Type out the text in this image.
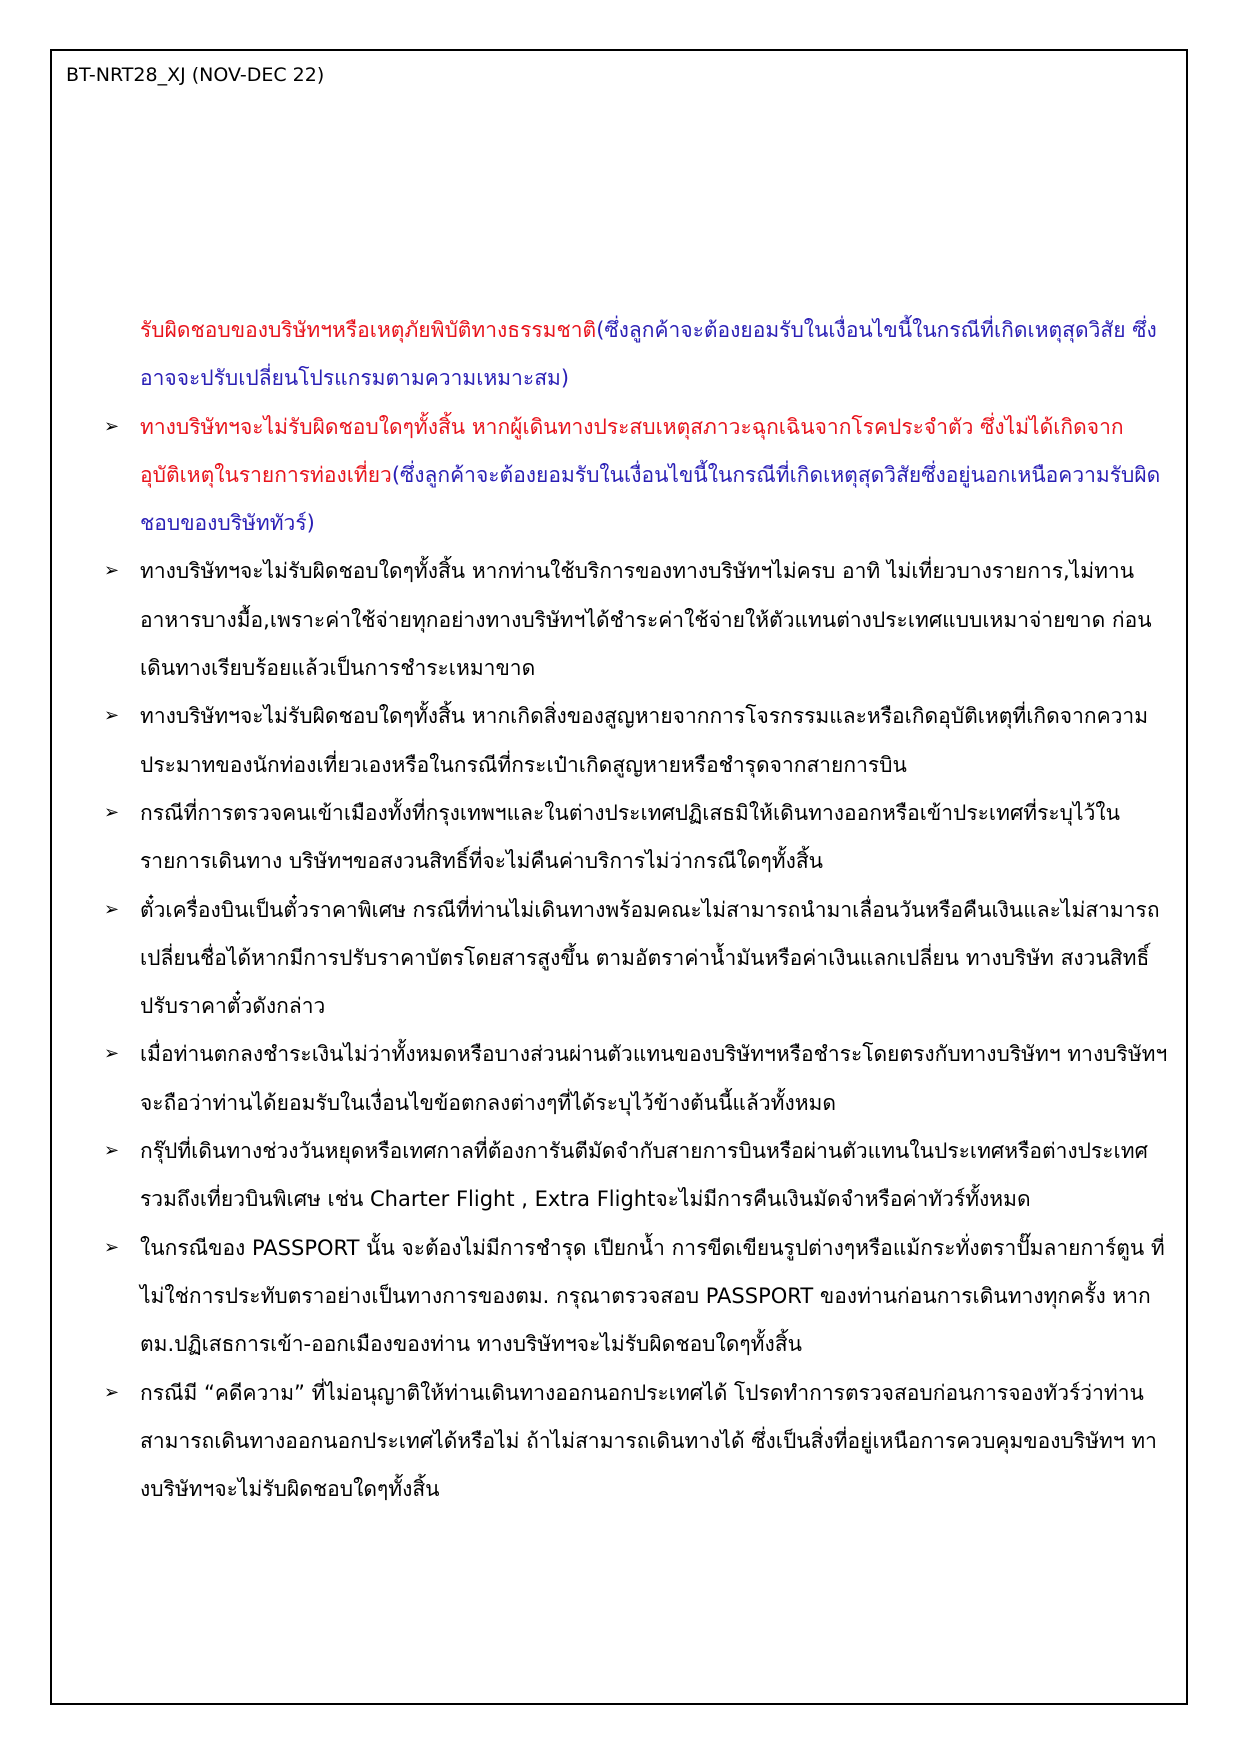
BT-NRT28_XJ (NOV-DEC 22)

รับผิดชอบของบริษัทฯหรือเหตุภัยพิบัติทางธรรมชาติ(ซึ่งลูกค้าจะต้องยอมรับในเงื่อนไขนี้ในกรณีที่เกิดเหตุสุดวิสัย ซึ่งอาจจะปรับเปลี่ยนโปรแกรมตามความเหมาะสม)

➢ ทางบริษัทฯจะไม่รับผิดชอบใดๆทั้งสิ้น หากผู้เดินทางประสบเหตุสภาวะฉุกเฉินจากโรคประจำตัว ซึ่งไม่ได้เกิดจากอุบัติเหตุในรายการท่องเที่ยว(ซึ่งลูกค้าจะต้องยอมรับในเงื่อนไขนี้ในกรณีที่เกิดเหตุสุดวิสัยซึ่งอยู่นอกเหนือความรับผิดชอบของบริษัททัวร์)

➢ ทางบริษัทฯจะไม่รับผิดชอบใดๆทั้งสิ้น หากท่านใช้บริการของทางบริษัทฯไม่ครบ อาทิ ไม่เที่ยวบางรายการ,ไม่ทานอาหารบางมื้อ,เพราะค่าใช้จ่ายทุกอย่างทางบริษัทฯได้ชำระค่าใช้จ่ายให้ตัวแทนต่างประเทศแบบเหมาจ่ายขาด ก่อนเดินทางเรียบร้อยแล้วเป็นการชำระเหมาขาด

➢ ทางบริษัทฯจะไม่รับผิดชอบใดๆทั้งสิ้น หากเกิดสิ่งของสูญหายจากการโจรกรรมและหรือเกิดอุบัติเหตุที่เกิดจากความประมาทของนักท่องเที่ยวเองหรือในกรณีที่กระเป๋าเกิดสูญหายหรือชำรุดจากสายการบิน

➢ กรณีที่การตรวจคนเข้าเมืองทั้งที่กรุงเทพฯและในต่างประเทศปฏิเสธมิให้เดินทางออกหรือเข้าประเทศที่ระบุไว้ในรายการเดินทาง บริษัทฯขอสงวนสิทธิ์ที่จะไม่คืนค่าบริการไม่ว่ากรณีใดๆทั้งสิ้น

➢ ตั๋วเครื่องบินเป็นตั๋วราคาพิเศษ กรณีที่ท่านไม่เดินทางพร้อมคณะไม่สามารถนำมาเลื่อนวันหรือคืนเงินและไม่สามารถเปลี่ยนชื่อได้หากมีการปรับราคาบัตรโดยสารสูงขึ้น ตามอัตราค่าน้ำมันหรือค่าเงินแลกเปลี่ยน ทางบริษัท สงวนสิทธิ์ปรับราคาตั๋วดังกล่าว

➢ เมื่อท่านตกลงชำระเงินไม่ว่าทั้งหมดหรือบางส่วนผ่านตัวแทนของบริษัทฯหรือชำระโดยตรงกับทางบริษัทฯ ทางบริษัทฯจะถือว่าท่านได้ยอมรับในเงื่อนไขข้อตกลงต่างๆที่ได้ระบุไว้ข้างต้นนี้แล้วทั้งหมด

➢ กรุ๊ปที่เดินทางช่วงวันหยุดหรือเทศกาลที่ต้องการันตีมัดจำกับสายการบินหรือผ่านตัวแทนในประเทศหรือต่างประเทศ รวมถึงเที่ยวบินพิเศษ เช่น Charter Flight , Extra Flightจะไม่มีการคืนเงินมัดจำหรือค่าทัวร์ทั้งหมด

➢ ในกรณีของ PASSPORT นั้น จะต้องไม่มีการชำรุด เปียกน้ำ การขีดเขียนรูปต่างๆหรือแม้กระทั่งตราปั๊มลายการ์ตูน ที่ไม่ใช่การประทับตราอย่างเป็นทางการของตม. กรุณาตรวจสอบ PASSPORT ของท่านก่อนการเดินทางทุกครั้ง หาก ตม.ปฏิเสธการเข้า-ออกเมืองของท่าน ทางบริษัทฯจะไม่รับผิดชอบใดๆทั้งสิ้น

➢ กรณีมี “คดีความ” ที่ไม่อนุญาติให้ท่านเดินทางออกนอกประเทศได้ โปรดทำการตรวจสอบก่อนการจองทัวร์ว่าท่านสามารถเดินทางออกนอกประเทศได้หรือไม่ ถ้าไม่สามารถเดินทางได้ ซึ่งเป็นสิ่งที่อยู่เหนือการควบคุมของบริษัทฯ ทางบริษัทฯจะไม่รับผิดชอบใดๆทั้งสิ้น
